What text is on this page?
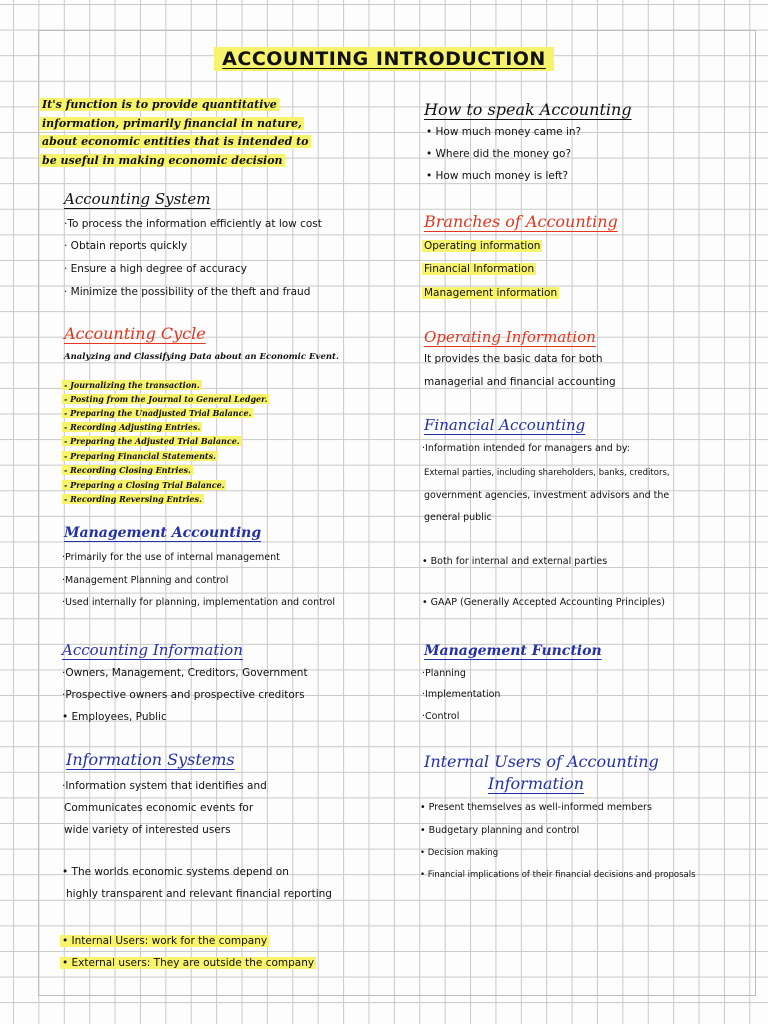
ACCOUNTING INTRODUCTION
It's function is to provide quantitative information, primarily financial in nature, about economic entities that is intended to be useful in making economic decision
Accounting System
·To process the information efficiently at low cost
· Obtain reports quickly
· Ensure a high degree of accuracy
· Minimize the possibility of the theft and fraud
Accounting Cycle
Analyzing and Classifying Data about an Economic Event.
- Journalizing the transaction.
- Posting from the Journal to General Ledger.
- Preparing the Unadjusted Trial Balance.
- Recording Adjusting Entries.
- Preparing the Adjusted Trial Balance.
- Preparing Financial Statements.
- Recording Closing Entries.
- Preparing a Closing Trial Balance.
- Recording Reversing Entries.
Management Accounting
·Primarily for the use of internal management
·Management Planning and control
·Used internally for planning, implementation and control
Accounting Information
·Owners, Management, Creditors, Government
·Prospective owners and prospective creditors
• Employees, Public
Information Systems
·Information system that identifies and
Communicates economic events for
wide variety of interested users
• The worlds economic systems depend on
highly transparent and relevant financial reporting
• Internal Users: work for the company
• External users: They are outside the company
How to speak Accounting
• How much money came in?
• Where did the money go?
• How much money is left?
Branches of Accounting
Operating information
Financial Information
Management information
Operating Information
It provides the basic data for both
managerial and financial accounting
Financial Accounting
·Information intended for managers and by:
External parties, including shareholders, banks, creditors,
government agencies, investment advisors and the
general public
• Both for internal and external parties
• GAAP (Generally Accepted Accounting Principles)
Management Function
·Planning
·Implementation
·Control
Internal Users of Accounting
Information
• Present themselves as well-informed members
• Budgetary planning and control
• Decision making
• Financial implications of their financial decisions and proposals
